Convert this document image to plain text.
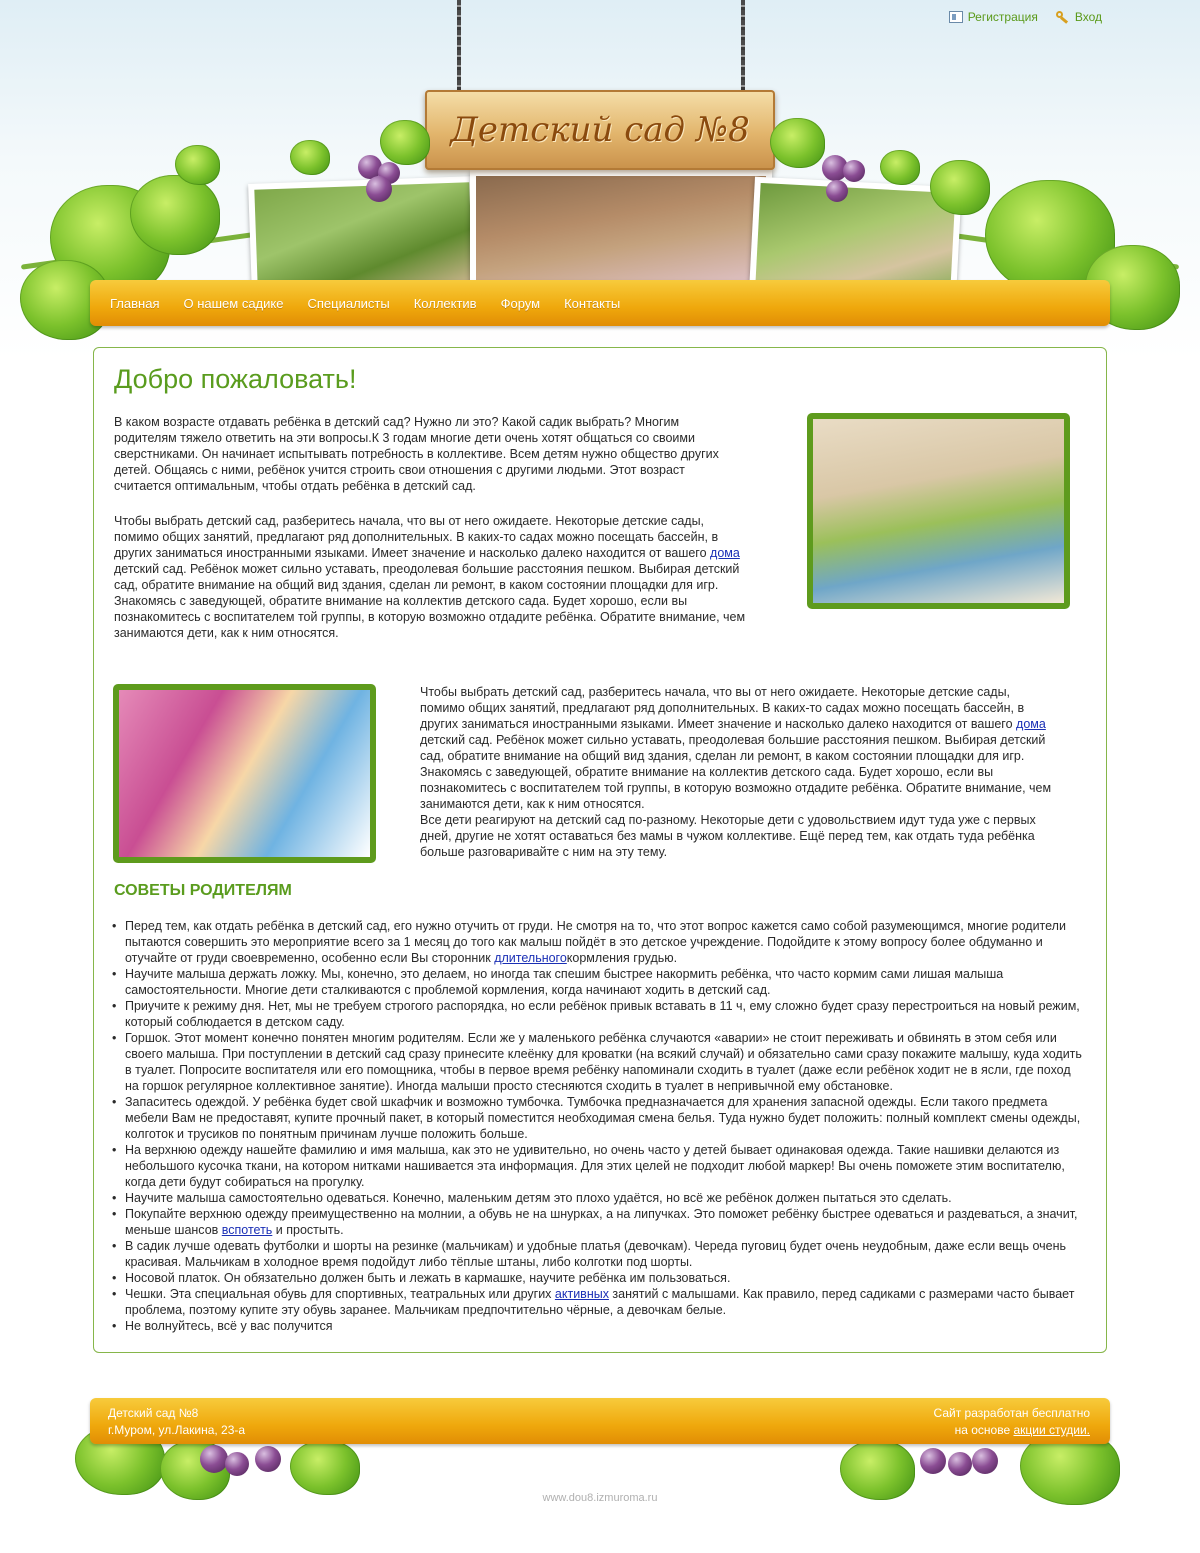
Регистрация	Вход
Детский сад №8
Главная	О нашем садике	Специалисты	Коллектив	Форум	Контакты
Добро пожаловать!

В каком возрасте отдавать ребёнка в детский сад? Нужно ли это? Какой садик выбрать? Многим родителям тяжело ответить на эти вопросы.К 3 годам многие дети очень хотят общаться со своими сверстниками. Он начинает испытывать потребность в коллективе. Всем детям нужно общество других детей. Общаясь с ними, ребёнок учится строить свои отношения с другими людьми. Этот возраст считается оптимальным, чтобы отдать ребёнка в детский сад.

Чтобы выбрать детский сад, разберитесь начала, что вы от него ожидаете. Некоторые детские сады, помимо общих занятий, предлагают ряд дополнительных. В каких-то садах можно посещать бассейн, в других заниматься иностранными языками. Имеет значение и насколько далеко находится от вашего дома детский сад. Ребёнок может сильно уставать, преодолевая большие расстояния пешком. Выбирая детский сад, обратите внимание на общий вид здания, сделан ли ремонт, в каком состоянии площадки для игр. Знакомясь с заведующей, обратите внимание на коллектив детского сада. Будет хорошо, если вы познакомитесь с воспитателем той группы, в которую возможно отдадите ребёнка. Обратите внимание, чем занимаются дети, как к ним относятся.

Чтобы выбрать детский сад, разберитесь начала, что вы от него ожидаете. Некоторые детские сады, помимо общих занятий, предлагают ряд дополнительных. В каких-то садах можно посещать бассейн, в других заниматься иностранными языками. Имеет значение и насколько далеко находится от вашего дома детский сад. Ребёнок может сильно уставать, преодолевая большие расстояния пешком. Выбирая детский сад, обратите внимание на общий вид здания, сделан ли ремонт, в каком состоянии площадки для игр. Знакомясь с заведующей, обратите внимание на коллектив детского сада. Будет хорошо, если вы познакомитесь с воспитателем той группы, в которую возможно отдадите ребёнка. Обратите внимание, чем занимаются дети, как к ним относятся.
Все дети реагируют на детский сад по-разному. Некоторые дети с удовольствием идут туда уже с первых дней, другие не хотят оставаться без мамы в чужом коллективе. Ещё перед тем, как отдать туда ребёнка больше разговаривайте с ним на эту тему.

СОВЕТЫ РОДИТЕЛЯМ
• Перед тем, как отдать ребёнка в детский сад, его нужно отучить от груди. Не смотря на то, что этот вопрос кажется само собой разумеющимся, многие родители пытаются совершить это мероприятие всего за 1 месяц до того как малыш пойдёт в это детское учреждение. Подойдите к этому вопросу более обдуманно и отучайте от груди своевременно, особенно если Вы сторонник длительногокормления грудью.
• Научите малыша держать ложку. Мы, конечно, это делаем, но иногда так спешим быстрее накормить ребёнка, что часто кормим сами лишая малыша самостоятельности. Многие дети сталкиваются с проблемой кормления, когда начинают ходить в детский сад.
• Приучите к режиму дня. Нет, мы не требуем строгого распорядка, но если ребёнок привык вставать в 11 ч, ему сложно будет сразу перестроиться на новый режим, который соблюдается в детском саду.
• Горшок. Этот момент конечно понятен многим родителям. Если же у маленького ребёнка случаются «аварии» не стоит переживать и обвинять в этом себя или своего малыша. При поступлении в детский сад сразу принесите клеёнку для кроватки (на всякий случай) и обязательно сами сразу покажите малышу, куда ходить в туалет. Попросите воспитателя или его помощника, чтобы в первое время ребёнку напоминали сходить в туалет (даже если ребёнок ходит не в ясли, где поход на горшок регулярное коллективное занятие). Иногда малыши просто стесняются сходить в туалет в непривычной ему обстановке.
• Запаситесь одеждой. У ребёнка будет свой шкафчик и возможно тумбочка. Тумбочка предназначается для хранения запасной одежды. Если такого предмета мебели Вам не предоставят, купите прочный пакет, в который поместится необходимая смена белья. Туда нужно будет положить: полный комплект смены одежды, колготок и трусиков по понятным причинам лучше положить больше.
• На верхнюю одежду нашейте фамилию и имя малыша, как это не удивительно, но очень часто у детей бывает одинаковая одежда. Такие нашивки делаются из небольшого кусочка ткани, на котором нитками нашивается эта информация. Для этих целей не подходит любой маркер! Вы очень поможете этим воспитателю, когда дети будут собираться на прогулку.
• Научите малыша самостоятельно одеваться. Конечно, маленьким детям это плохо удаётся, но всё же ребёнок должен пытаться это сделать.
• Покупайте верхнюю одежду преимущественно на молнии, а обувь не на шнурках, а на липучках. Это поможет ребёнку быстрее одеваться и раздеваться, а значит, меньше шансов вспотеть и простыть.
• В садик лучше одевать футболки и шорты на резинке (мальчикам) и удобные платья (девочкам). Череда пуговиц будет очень неудобным, даже если вещь очень красивая. Мальчикам в холодное время подойдут либо тёплые штаны, либо колготки под шорты.
• Носовой платок. Он обязательно должен быть и лежать в кармашке, научите ребёнка им пользоваться.
• Чешки. Эта специальная обувь для спортивных, театральных или других активных занятий с малышами. Как правило, перед садиками с размерами часто бывает проблема, поэтому купите эту обувь заранее. Мальчикам предпочтительно чёрные, а девочкам белые.
• Не волнуйтесь, всё у вас получится
Детский сад №8
г.Муром, ул.Лакина, 23-а
Сайт разработан бесплатно
на основе акции студии.
www.dou8.izmuroma.ru
